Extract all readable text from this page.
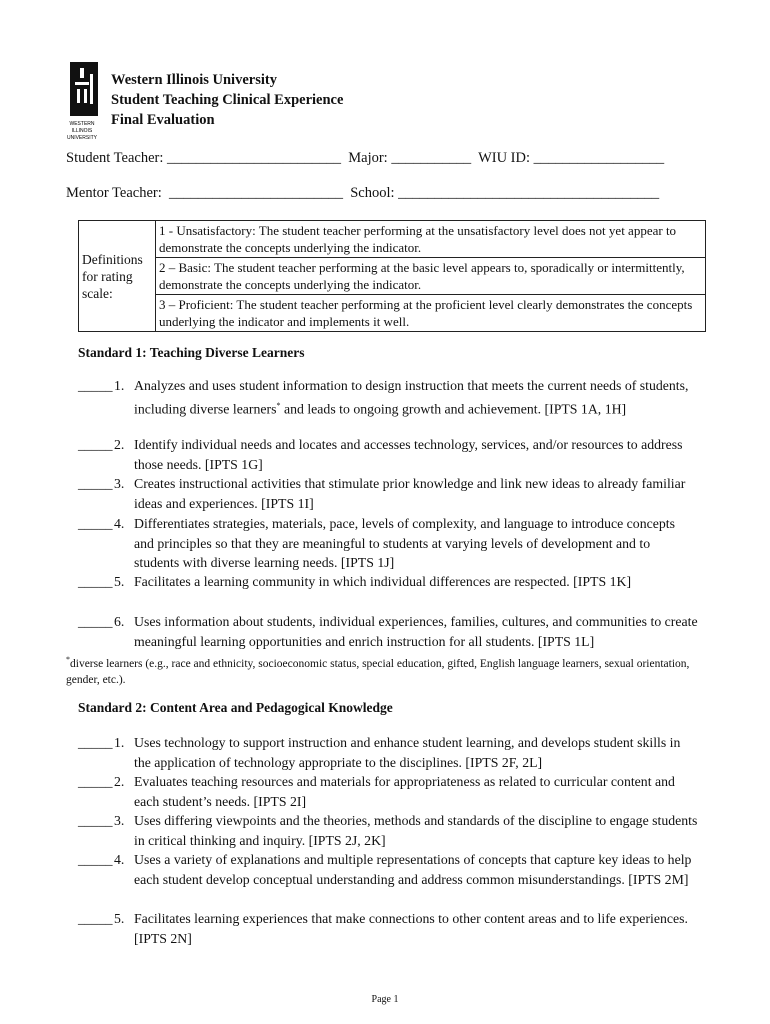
WESTERN
ILLINOIS
UNIVERSITY
Western Illinois University
Student Teaching Clinical Experience
Final Evaluation
Student Teacher: ________________________  Major: ___________  WIU ID: __________________
Mentor Teacher:  ________________________  School: ____________________________________
Definitions for rating scale:	1 - Unsatisfactory: The student teacher performing at the unsatisfactory level does not yet appear to demonstrate the concepts underlying the indicator.
2 – Basic: The student teacher performing at the basic level appears to, sporadically or intermittently, demonstrate the concepts underlying the indicator.
3 – Proficient: The student teacher performing at the proficient level clearly demonstrates the concepts underlying the indicator and implements it well.
Standard 1: Teaching Diverse Learners
_____ 1. Analyzes and uses student information to design instruction that meets the current needs of students, including diverse learners* and leads to ongoing growth and achievement. [IPTS 1A, 1H]
_____ 2. Identify individual needs and locates and accesses technology, services, and/or resources to address those needs. [IPTS 1G]
_____ 3. Creates instructional activities that stimulate prior knowledge and link new ideas to already familiar ideas and experiences. [IPTS 1I]
_____ 4. Differentiates strategies, materials, pace, levels of complexity, and language to introduce concepts and principles so that they are meaningful to students at varying levels of development and to students with diverse learning needs. [IPTS 1J]
_____ 5. Facilitates a learning community in which individual differences are respected. [IPTS 1K]
_____ 6. Uses information about students, individual experiences, families, cultures, and communities to create meaningful learning opportunities and enrich instruction for all students. [IPTS 1L]
*diverse learners (e.g., race and ethnicity, socioeconomic status, special education, gifted, English language learners, sexual orientation, gender, etc.).
Standard 2: Content Area and Pedagogical Knowledge
_____ 1. Uses technology to support instruction and enhance student learning, and develops student skills in the application of technology appropriate to the disciplines. [IPTS 2F, 2L]
_____ 2. Evaluates teaching resources and materials for appropriateness as related to curricular content and each student’s needs. [IPTS 2I]
_____ 3. Uses differing viewpoints and the theories, methods and standards of the discipline to engage students in critical thinking and inquiry. [IPTS 2J, 2K]
_____ 4. Uses a variety of explanations and multiple representations of concepts that capture key ideas to help each student develop conceptual understanding and address common misunderstandings. [IPTS 2M]
_____ 5. Facilitates learning experiences that make connections to other content areas and to life experiences. [IPTS 2N]
Page 1
